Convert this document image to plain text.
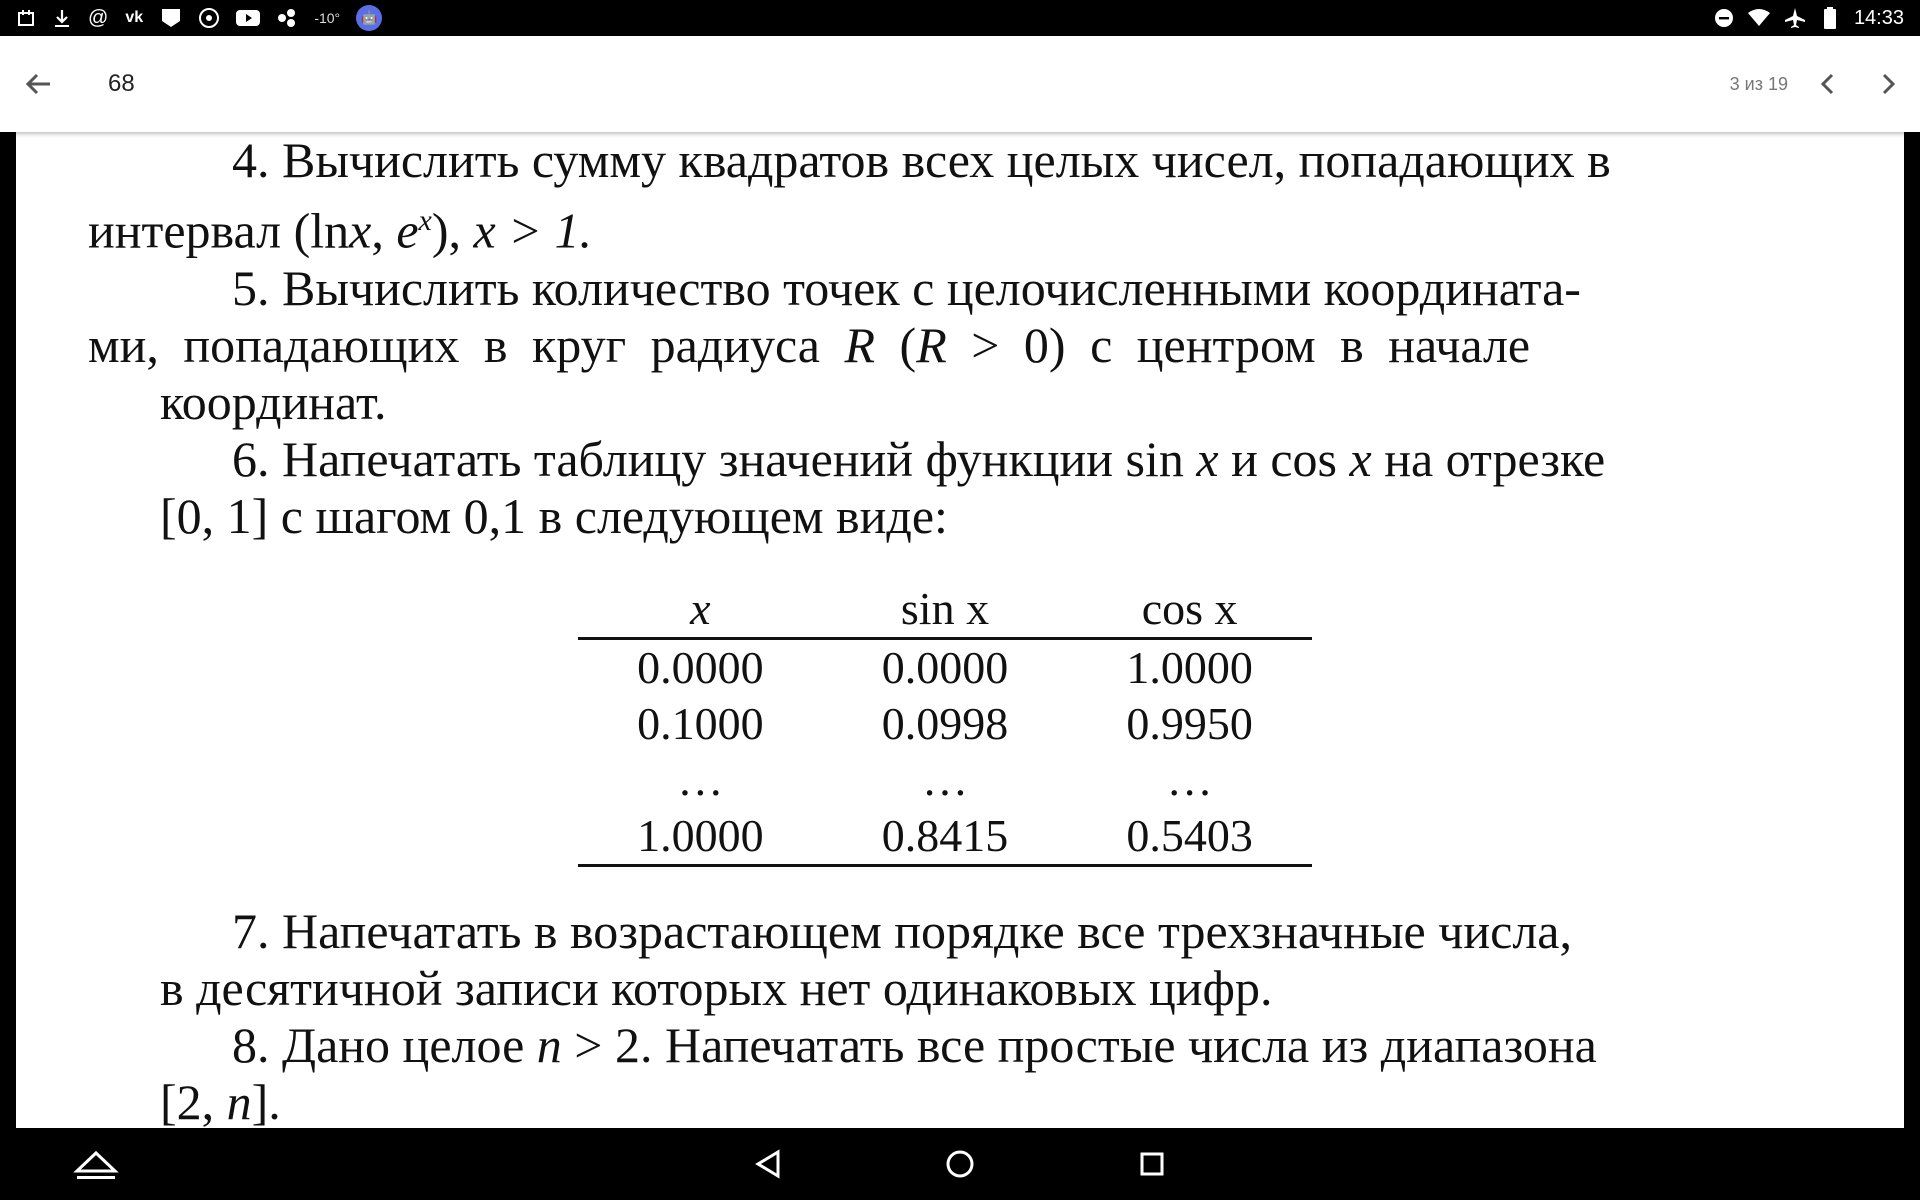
@ vk	-10°	🤖	14:33
68	3 из 19

4. Вычислить сумму квадратов всех целых чисел, попадающих в
интервал (lnx, $e^x$), x > 1.

5. Вычислить количество точек с целочисленными координата-
ми, попадающих в круг радиуса R (R > 0) с центром в начале
координат.

6. Напечатать таблицу значений функции sin x и cos x на отрезке
[0, 1] с шагом 0,1 в следующем виде:

x	sin x	cos x
0.0000	0.0000	1.0000
0.1000	0.0998	0.9950
…	…	…
1.0000	0.8415	0.5403

7. Напечатать в возрастающем порядке все трехзначные числа,
в десятичной записи которых нет одинаковых цифр.

8. Дано целое n > 2. Напечатать все простые числа из диапазона
[2, n].
